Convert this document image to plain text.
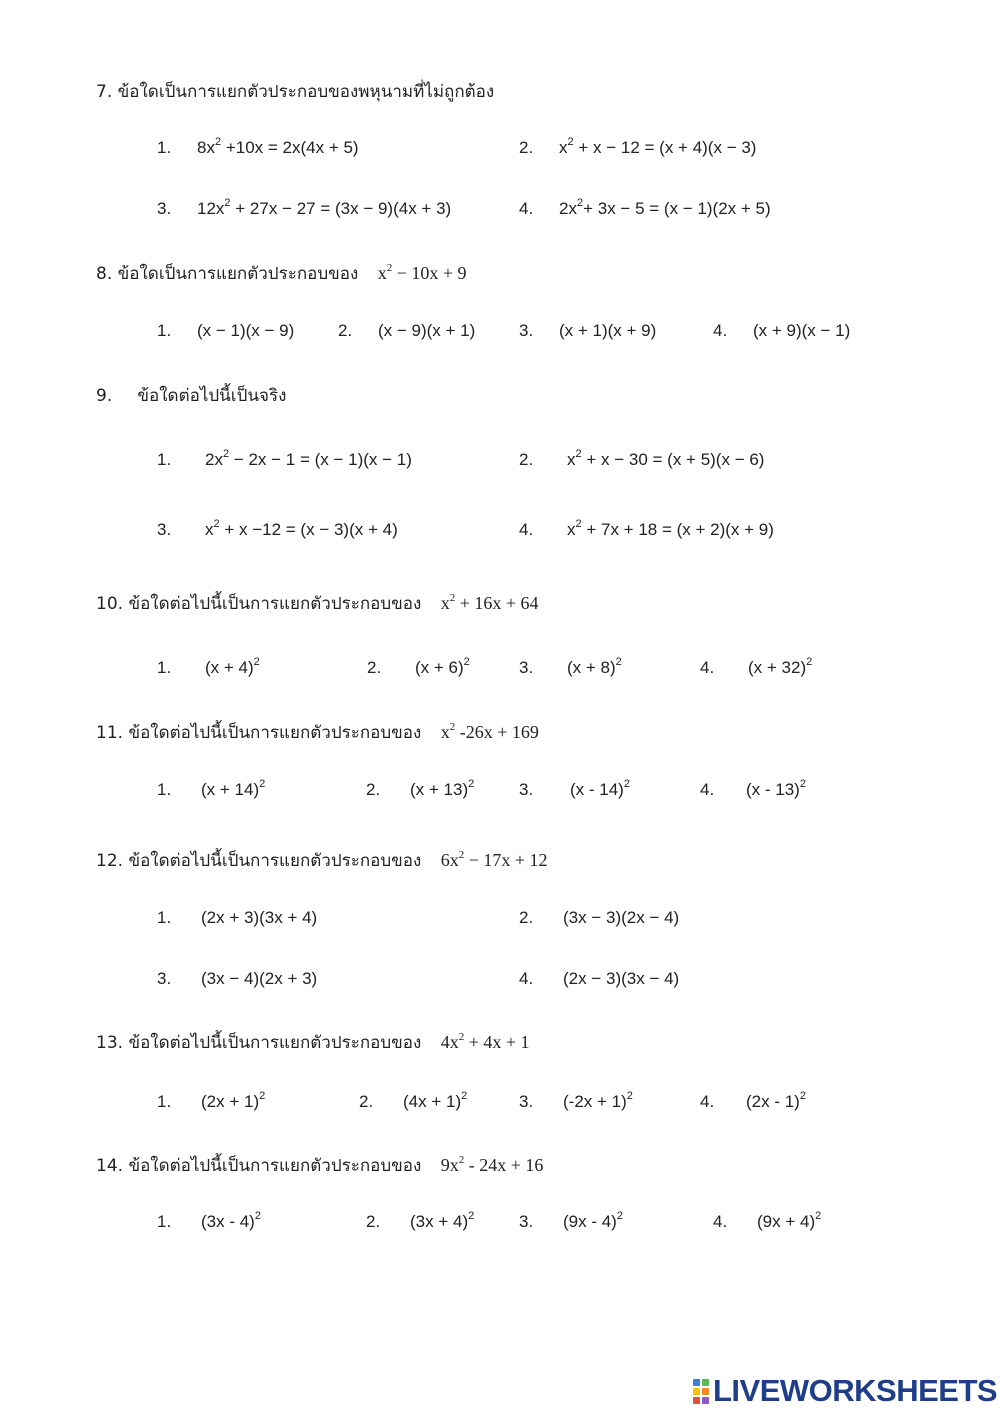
7. ข้อใดเป็นการแยกตัวประกอบของพหุนามที่ไม่ถูกต้อง
1. $8x^2 +10x = 2x(4x + 5)$	2. $x^2 + x - 12 = (x + 4)(x - 3)$
3. $12x^2 + 27x - 27 = (3x - 9)(4x + 3)$	4. $2x^2+ 3x - 5 = (x - 1)(2x + 5)$
8. ข้อใดเป็นการแยกตัวประกอบของ $x^2 - 10x + 9$
1. (x − 1)(x − 9)	2. (x − 9)(x + 1)	3. (x + 1)(x + 9)	4. (x + 9)(x − 1)
9. ข้อใดต่อไปนี้เป็นจริง
1. $2x^2 - 2x - 1 = (x - 1)(x - 1)$	2. $x^2 + x - 30 = (x + 5)(x - 6)$
3. $x^2 + x -12 = (x - 3)(x + 4)$	4. $x^2 + 7x + 18 = (x + 2)(x + 9)$
10. ข้อใดต่อไปนี้เป็นการแยกตัวประกอบของ $x^2 + 16x + 64$
1. $(x + 4)^2$	2. $(x + 6)^2$	3. $(x + 8)^2$	4. $(x + 32)^2$
11. ข้อใดต่อไปนี้เป็นการแยกตัวประกอบของ $x^2$ -26x + 169
1. $(x + 14)^2$	2. $(x + 13)^2$	3. (x - 14)$^2$	4. (x - 13)$^2$
12. ข้อใดต่อไปนี้เป็นการแยกตัวประกอบของ $6x^2 - 17x + 12$
1. (2x + 3)(3x + 4)	2. (3x − 3)(2x − 4)
3. (3x − 4)(2x + 3)	4. (2x − 3)(3x − 4)
13. ข้อใดต่อไปนี้เป็นการแยกตัวประกอบของ $4x^2 + 4x + 1$
1. $(2x + 1)^2$	2. $(4x + 1)^2$	3. $(-2x + 1)^2$	4. (2x - 1)$^2$
14. ข้อใดต่อไปนี้เป็นการแยกตัวประกอบของ $9x^2 - 24x + 16$
1. (3x - 4)$^2$	2. $(3x + 4)^2$	3. (9x - 4)$^2$	4. $(9x + 4)^2$
LIVEWORKSHEETS
